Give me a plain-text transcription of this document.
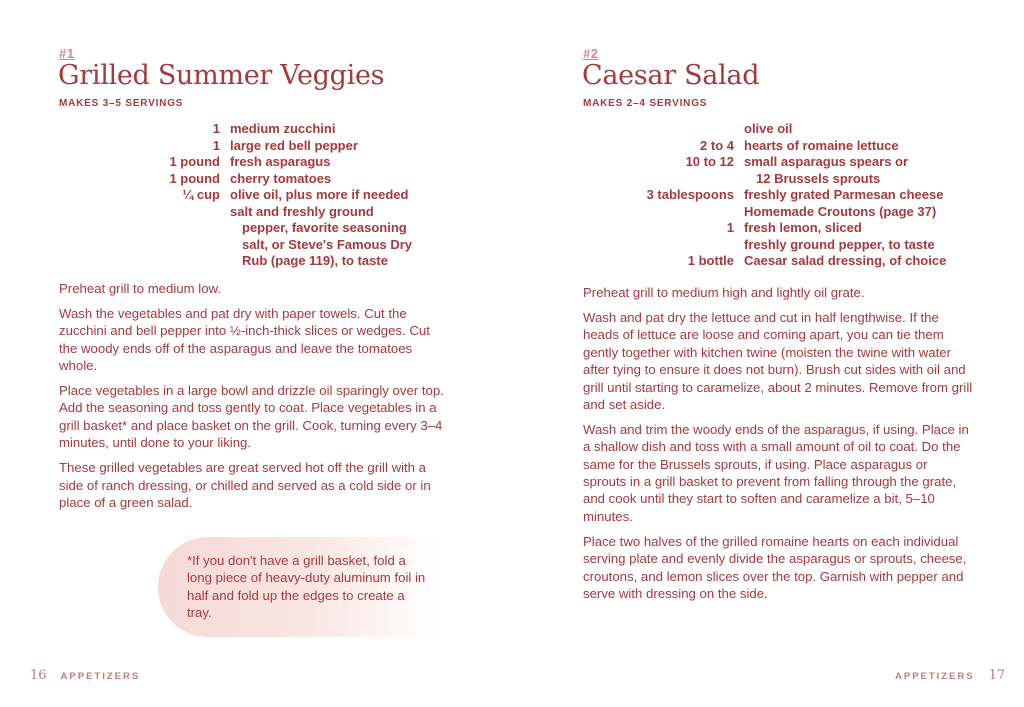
#1
Grilled Summer Veggies
MAKES 3–5 SERVINGS
1 medium zucchini
1 large red bell pepper
1 pound fresh asparagus
1 pound cherry tomatoes
¼ cup olive oil, plus more if needed
salt and freshly ground
pepper, favorite seasoning
salt, or Steve's Famous Dry
Rub (page 119), to taste

Preheat grill to medium low.

Wash the vegetables and pat dry with paper towels. Cut the zucchini and bell pepper into ½-inch-thick slices or wedges. Cut the woody ends off of the asparagus and leave the tomatoes whole.

Place vegetables in a large bowl and drizzle oil sparingly over top. Add the seasoning and toss gently to coat. Place vegetables in a grill basket* and place basket on the grill. Cook, turning every 3–4 minutes, until done to your liking.

These grilled vegetables are great served hot off the grill with a side of ranch dressing, or chilled and served as a cold side or in place of a green salad.

*If you don't have a grill basket, fold a long piece of heavy-duty aluminum foil in half and fold up the edges to create a tray.
16 APPETIZERS
#2
Caesar Salad
MAKES 2–4 SERVINGS
olive oil
2 to 4 hearts of romaine lettuce
10 to 12 small asparagus spears or
12 Brussels sprouts
3 tablespoons freshly grated Parmesan cheese
Homemade Croutons (page 37)
1 fresh lemon, sliced
freshly ground pepper, to taste
1 bottle Caesar salad dressing, of choice

Preheat grill to medium high and lightly oil grate.

Wash and pat dry the lettuce and cut in half lengthwise. If the heads of lettuce are loose and coming apart, you can tie them gently together with kitchen twine (moisten the twine with water after tying to ensure it does not burn). Brush cut sides with oil and grill until starting to caramelize, about 2 minutes. Remove from grill and set aside.

Wash and trim the woody ends of the asparagus, if using. Place in a shallow dish and toss with a small amount of oil to coat. Do the same for the Brussels sprouts, if using. Place asparagus or sprouts in a grill basket to prevent from falling through the grate, and cook until they start to soften and caramelize a bit, 5–10 minutes.

Place two halves of the grilled romaine hearts on each individual serving plate and evenly divide the asparagus or sprouts, cheese, croutons, and lemon slices over the top. Garnish with pepper and serve with dressing on the side.

APPETIZERS 17
